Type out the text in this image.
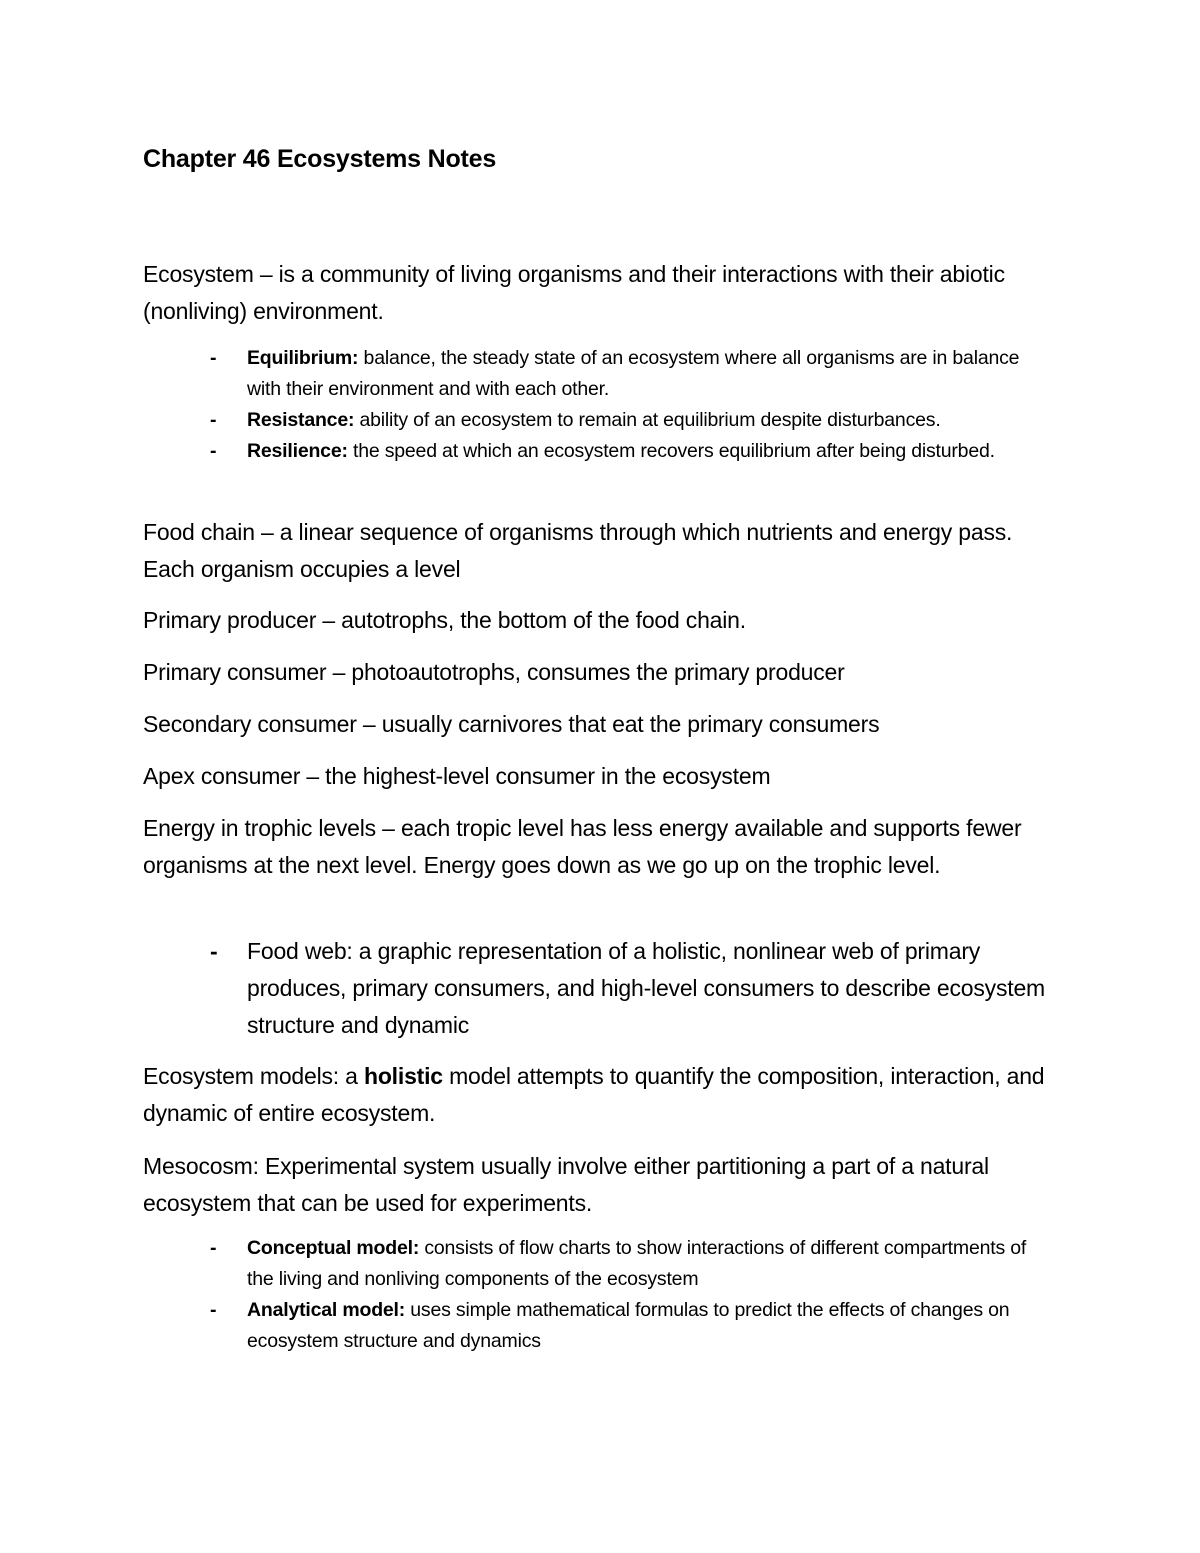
Chapter 46 Ecosystems Notes

Ecosystem – is a community of living organisms and their interactions with their abiotic (nonliving) environment.

- Equilibrium: balance, the steady state of an ecosystem where all organisms are in balance with their environment and with each other.
- Resistance: ability of an ecosystem to remain at equilibrium despite disturbances.
- Resilience: the speed at which an ecosystem recovers equilibrium after being disturbed.

Food chain – a linear sequence of organisms through which nutrients and energy pass. Each organism occupies a level

Primary producer – autotrophs, the bottom of the food chain.

Primary consumer – photoautotrophs, consumes the primary producer

Secondary consumer – usually carnivores that eat the primary consumers

Apex consumer – the highest-level consumer in the ecosystem

Energy in trophic levels – each tropic level has less energy available and supports fewer organisms at the next level. Energy goes down as we go up on the trophic level.

- Food web: a graphic representation of a holistic, nonlinear web of primary produces, primary consumers, and high-level consumers to describe ecosystem structure and dynamic

Ecosystem models: a holistic model attempts to quantify the composition, interaction, and dynamic of entire ecosystem.

Mesocosm: Experimental system usually involve either partitioning a part of a natural ecosystem that can be used for experiments.

- Conceptual model: consists of flow charts to show interactions of different compartments of the living and nonliving components of the ecosystem
- Analytical model: uses simple mathematical formulas to predict the effects of changes on ecosystem structure and dynamics
